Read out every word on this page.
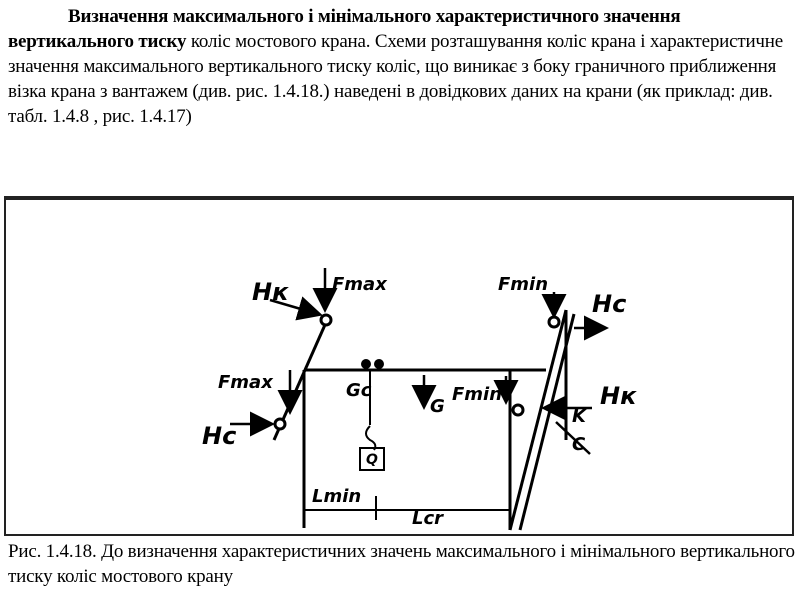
Визначення максимального і мінімального характеристичного значення вертикального тиску коліс мостового крана. Схеми розташування коліс крана і характеристичне значення максимального вертикального тиску коліс, що виникає з боку граничного приближення візка крана з вантажем (див. рис. 1.4.18.) наведені в довідкових даних на крани (як приклад: див. табл. 1.4.8 , рис. 1.4.17)
Hк Fmax
Fmax
Hc
Gc
G
Q
Fmin
Fmin
Hc
Hк
K
C
Lmin
Lcr
Рис. 1.4.18. До визначення характеристичних значень максимального і мінімального вертикального тиску коліс мостового крану
